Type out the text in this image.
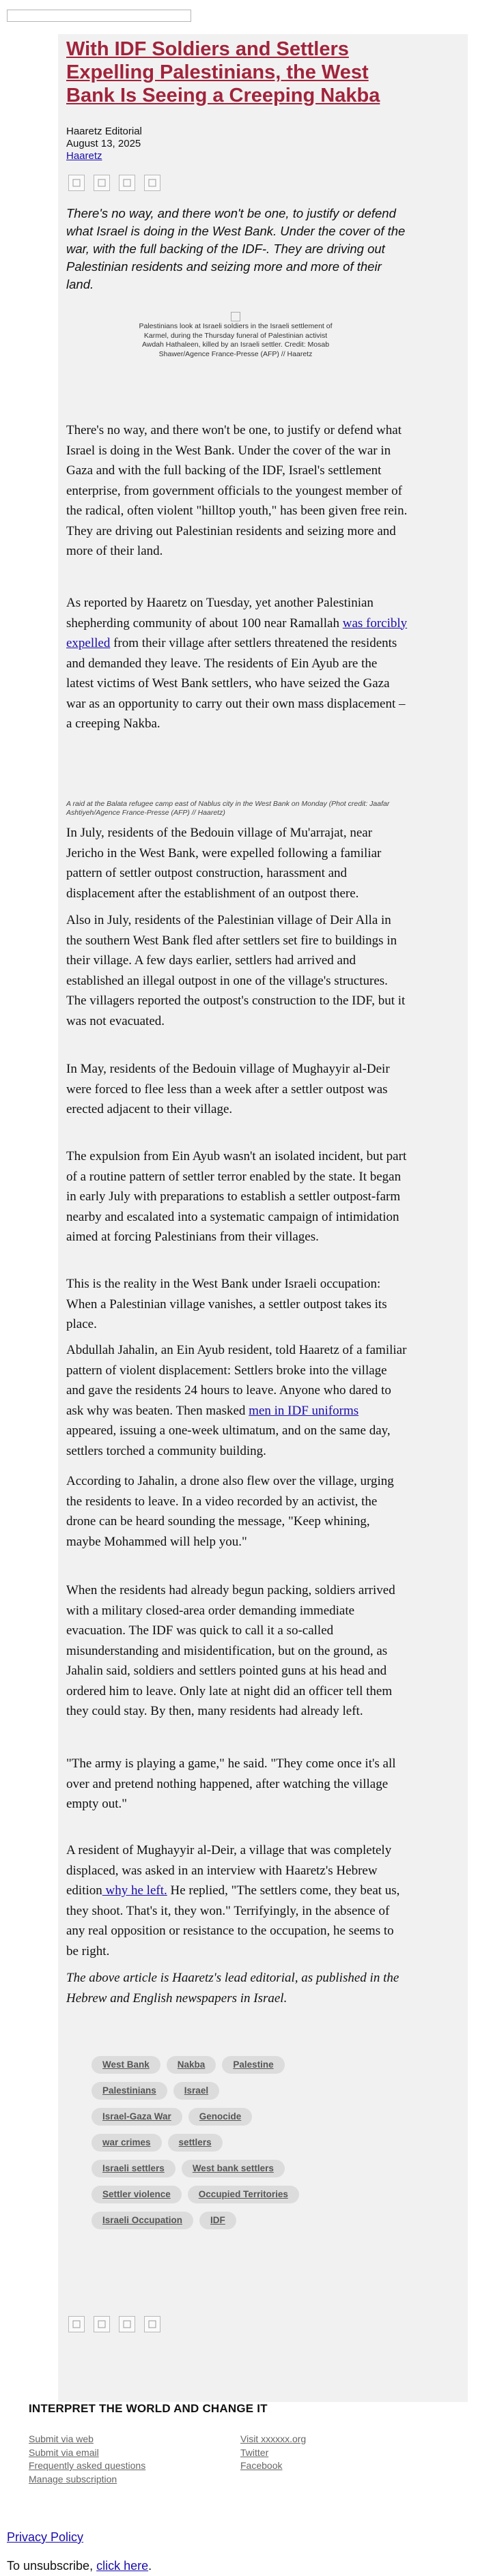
With IDF Soldiers and Settlers Expelling Palestinians, the West Bank Is Seeing a Creeping Nakba
Haaretz Editorial
August 13, 2025
Haaretz
There's no way, and there won't be one, to justify or defend what Israel is doing in the West Bank. Under the cover of the war, with the full backing of the IDF-. They are driving out Palestinian residents and seizing more and more of their land.
Palestinians look at Israeli soldiers in the Israeli settlement of Karmel, during the Thursday funeral of Palestinian activist Awdah Hathaleen, killed by an Israeli settler. Credit: Mosab Shawer/Agence France-Presse (AFP) // Haaretz

There's no way, and there won't be one, to justify or defend what Israel is doing in the West Bank. Under the cover of the war in Gaza and with the full backing of the IDF, Israel's settlement enterprise, from government officials to the youngest member of the radical, often violent "hilltop youth," has been given free rein. They are driving out Palestinian residents and seizing more and more of their land.

As reported by Haaretz on Tuesday, yet another Palestinian shepherding community of about 100 near Ramallah was forcibly expelled from their village after settlers threatened the residents and demanded they leave. The residents of Ein Ayub are the latest victims of West Bank settlers, who have seized the Gaza war as an opportunity to carry out their own mass displacement – a creeping Nakba.

A raid at the Balata refugee camp east of Nablus city in the West Bank on Monday (Phot credit: Jaafar Ashtiyeh/Agence France-Presse (AFP) // Haaretz)

In July, residents of the Bedouin village of Mu'arrajat, near Jericho in the West Bank, were expelled following a familiar pattern of settler outpost construction, harassment and displacement after the establishment of an outpost there.

Also in July, residents of the Palestinian village of Deir Alla in the southern West Bank fled after settlers set fire to buildings in their village. A few days earlier, settlers had arrived and established an illegal outpost in one of the village's structures. The villagers reported the outpost's construction to the IDF, but it was not evacuated.

In May, residents of the Bedouin village of Mughayyir al-Deir were forced to flee less than a week after a settler outpost was erected adjacent to their village.

The expulsion from Ein Ayub wasn't an isolated incident, but part of a routine pattern of settler terror enabled by the state. It began in early July with preparations to establish a settler outpost-farm nearby and escalated into a systematic campaign of intimidation aimed at forcing Palestinians from their villages.

This is the reality in the West Bank under Israeli occupation: When a Palestinian village vanishes, a settler outpost takes its place.

Abdullah Jahalin, an Ein Ayub resident, told Haaretz of a familiar pattern of violent displacement: Settlers broke into the village and gave the residents 24 hours to leave. Anyone who dared to ask why was beaten. Then masked men in IDF uniforms appeared, issuing a one-week ultimatum, and on the same day, settlers torched a community building.

According to Jahalin, a drone also flew over the village, urging the residents to leave. In a video recorded by an activist, the drone can be heard sounding the message, "Keep whining, maybe Mohammed will help you."

When the residents had already begun packing, soldiers arrived with a military closed-area order demanding immediate evacuation. The IDF was quick to call it a so-called misunderstanding and misidentification, but on the ground, as Jahalin said, soldiers and settlers pointed guns at his head and ordered him to leave. Only late at night did an officer tell them they could stay. By then, many residents had already left.

"The army is playing a game," he said. "They come once it's all over and pretend nothing happened, after watching the village empty out."

A resident of Mughayyir al-Deir, a village that was completely displaced, was asked in an interview with Haaretz's Hebrew edition why he left. He replied, "The settlers come, they beat us, they shoot. That's it, they won." Terrifyingly, in the absence of any real opposition or resistance to the occupation, he seems to be right.

The above article is Haaretz's lead editorial, as published in the Hebrew and English newspapers in Israel.

West Bank	Nakba	Palestine
Palestinians	Israel
Israel-Gaza War	Genocide
war crimes	settlers
Israeli settlers	West bank settlers
Settler violence	Occupied Territories
Israeli Occupation	IDF
INTERPRET THE WORLD AND CHANGE IT
Submit via web
Submit via email
Frequently asked questions
Manage subscription
Visit xxxxxx.org
Twitter
Facebook
Privacy Policy
To unsubscribe, click here.
